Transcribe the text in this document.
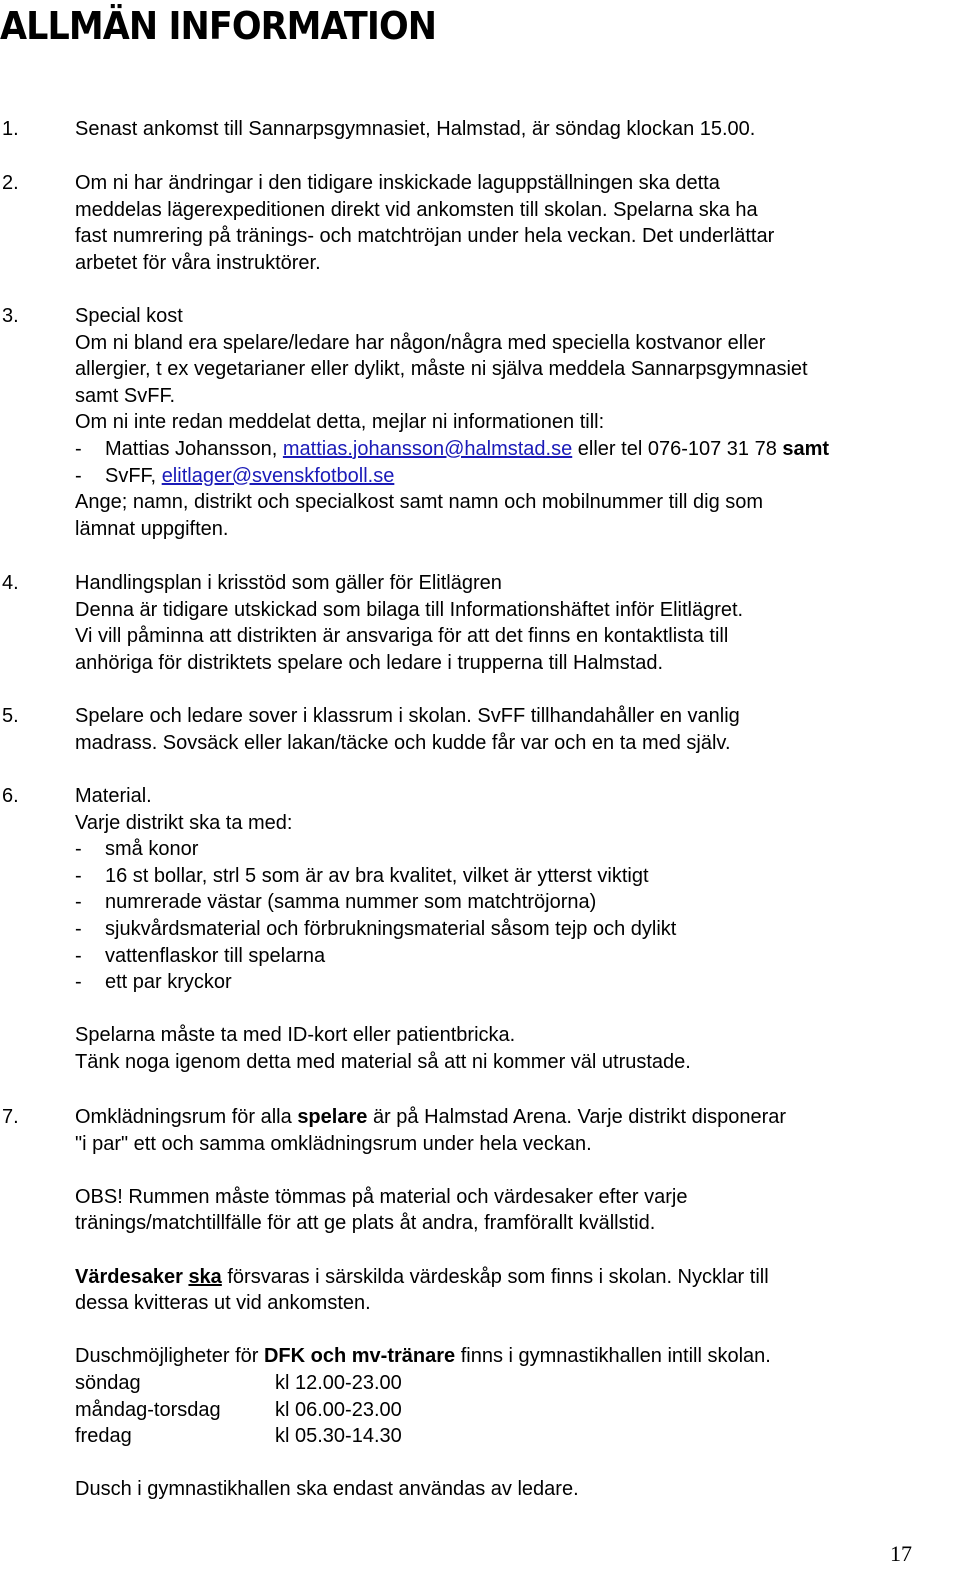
ALLMÄN INFORMATION
1.	Senast ankomst till Sannarpsgymnasiet, Halmstad, är söndag klockan 15.00.
2.	Om ni har ändringar i den tidigare inskickade laguppställningen ska detta
meddelas lägerexpeditionen direkt vid ankomsten till skolan. Spelarna ska ha
fast numrering på tränings- och matchtröjan under hela veckan. Det underlättar
arbetet för våra instruktörer.
3.	Special kost
Om ni bland era spelare/ledare har någon/några med speciella kostvanor eller
allergier, t ex vegetarianer eller dylikt, måste ni själva meddela Sannarpsgymnasiet
samt SvFF.
Om ni inte redan meddelat detta, mejlar ni informationen till:
- Mattias Johansson, mattias.johansson@halmstad.se eller tel 076-107 31 78 samt
- SvFF, elitlager@svenskfotboll.se
Ange; namn, distrikt och specialkost samt namn och mobilnummer till dig som
lämnat uppgiften.
4.	Handlingsplan i krisstöd som gäller för Elitlägren
Denna är tidigare utskickad som bilaga till Informationshäftet inför Elitlägret.
Vi vill påminna att distrikten är ansvariga för att det finns en kontaktlista till
anhöriga för distriktets spelare och ledare i trupperna till Halmstad.
5.	Spelare och ledare sover i klassrum i skolan. SvFF tillhandahåller en vanlig
madrass. Sovsäck eller lakan/täcke och kudde får var och en ta med själv.
6.	Material.
Varje distrikt ska ta med:
- små konor
- 16 st bollar, strl 5 som är av bra kvalitet, vilket är ytterst viktigt
- numrerade västar (samma nummer som matchtröjorna)
- sjukvårdsmaterial och förbrukningsmaterial såsom tejp och dylikt
- vattenflaskor till spelarna
- ett par kryckor
Spelarna måste ta med ID-kort eller patientbricka.
Tänk noga igenom detta med material så att ni kommer väl utrustade.
7.	Omklädningsrum för alla spelare är på Halmstad Arena. Varje distrikt disponerar
"i par" ett och samma omklädningsrum under hela veckan.
OBS! Rummen måste tömmas på material och värdesaker efter varje
tränings/matchtillfälle för att ge plats åt andra, framförallt kvällstid.
Värdesaker ska försvaras i särskilda värdeskåp som finns i skolan. Nycklar till
dessa kvitteras ut vid ankomsten.
Duschmöjligheter för DFK och mv-tränare finns i gymnastikhallen intill skolan.
söndag	kl 12.00-23.00
måndag-torsdag	kl 06.00-23.00
fredag	kl 05.30-14.30
Dusch i gymnastikhallen ska endast användas av ledare.
17
